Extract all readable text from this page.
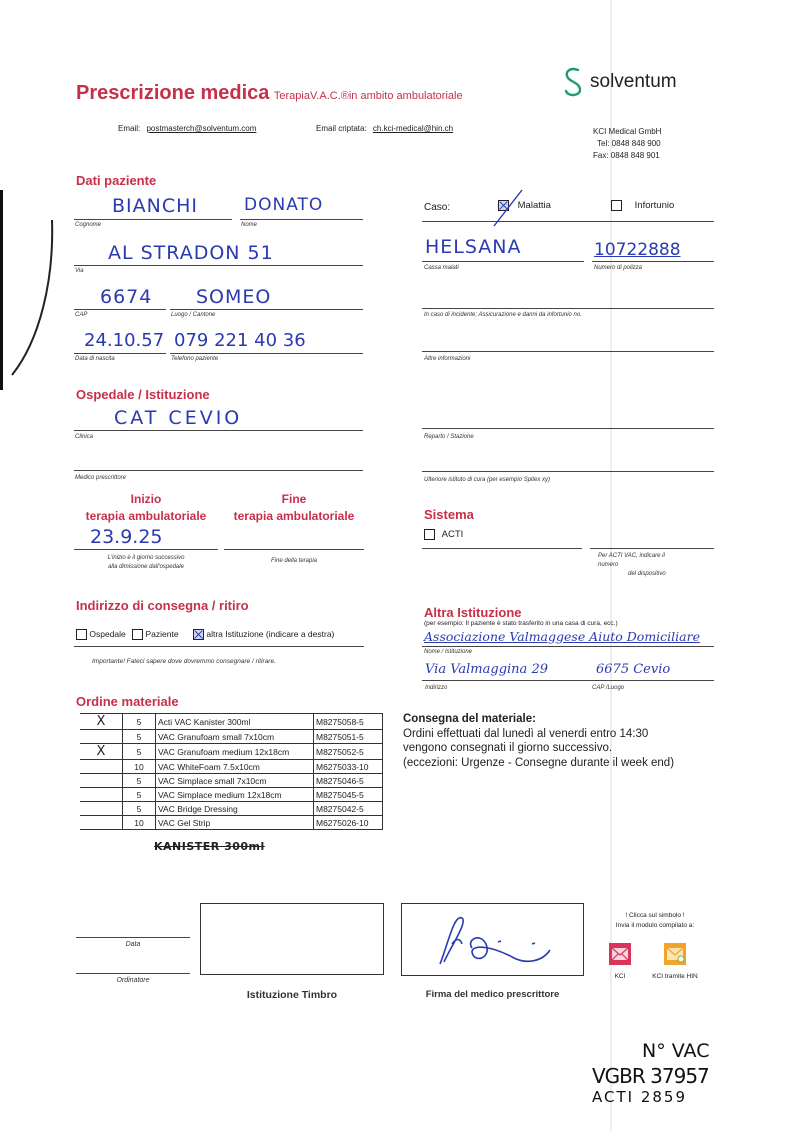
Prescrizione medica TerapiaV.A.C.®in ambito ambulatoriale
solventum
Email: postmasterch@solventum.com	Email criptata: ch.kci-medical@hin.ch	KCI Medical GmbH
Tel: 0848 848 900
Fax: 0848 848 901
Dati paziente
BIANCHI
Cognome
DONATO
Nome
AL STRADON 51
Via
6674
CAP
SOMEO
Luogo / Cantone
24.10.57
Data di nascita
079 221 40 36
Telefono paziente
Caso:	Malattia	Infortunio
HELSANA
Cassa malati
10722888
Numero di polizza
In caso di incidente; Assicurazione e danni da infortunio no.
Altre informazioni
Ospedale / Istituzione
CAT CEVIO
Clinica
Medico prescrittore
Reparto / Stazione
Ulteriore istituto di cura (per esempio Spitex xy)
Inizio
terapia ambulatoriale
23.9.25
L'inizio è il giorno successivo
alla dimissione dall'ospedale
Fine
terapia ambulatoriale
Fine della terapia
Sistema
ACTI
Per ACTI VAC, indicare il
numero
del dispositivo
Indirizzo di consegna / ritiro
Ospedale Paziente	altra Istituzione (indicare a destra)
Importante! Fateci sapere dove dovremmo consegnare / ritirare.
Altra Istituzione
(per esempio: Il paziente è stato trasferito in una casa di cura, ecc.)
Associazione Valmaggese Aiuto Domiciliare
Nome / Istituzione
Via Valmaggina 29	6675 Cevio
Indirizzo	CAP /Luogo
Ordine materiale
X	5	Acti VAC Kanister 300ml	M8275058-5
	5	VAC Granufoam small 7x10cm	M8275051-5
X	5	VAC Granufoam medium 12x18cm	M8275052-5
	10	VAC WhiteFoam 7.5x10cm	M6275033-10
	5	VAC Simplace small 7x10cm	M8275046-5
	5	VAC Simplace medium 12x18cm	M8275045-5
	5	VAC Bridge Dressing	M8275042-5
	10	VAC Gel Strip	M6275026-10
KANISTER 300ml
Consegna del materiale:
Ordini effettuati dal lunedì al venerdi entro 14:30
vengono consegnati il giorno successivo.
(eccezioni: Urgenze - Consegne durante il week end)
Data
Ordinatore
Istituzione Timbro	Firma del medico prescrittore
! Clicca sul simbolo !
Invia il modulo compilato a:
KCI	KCI tramite HIN
N° VAC
VGBR 37957
ACTI 2859
